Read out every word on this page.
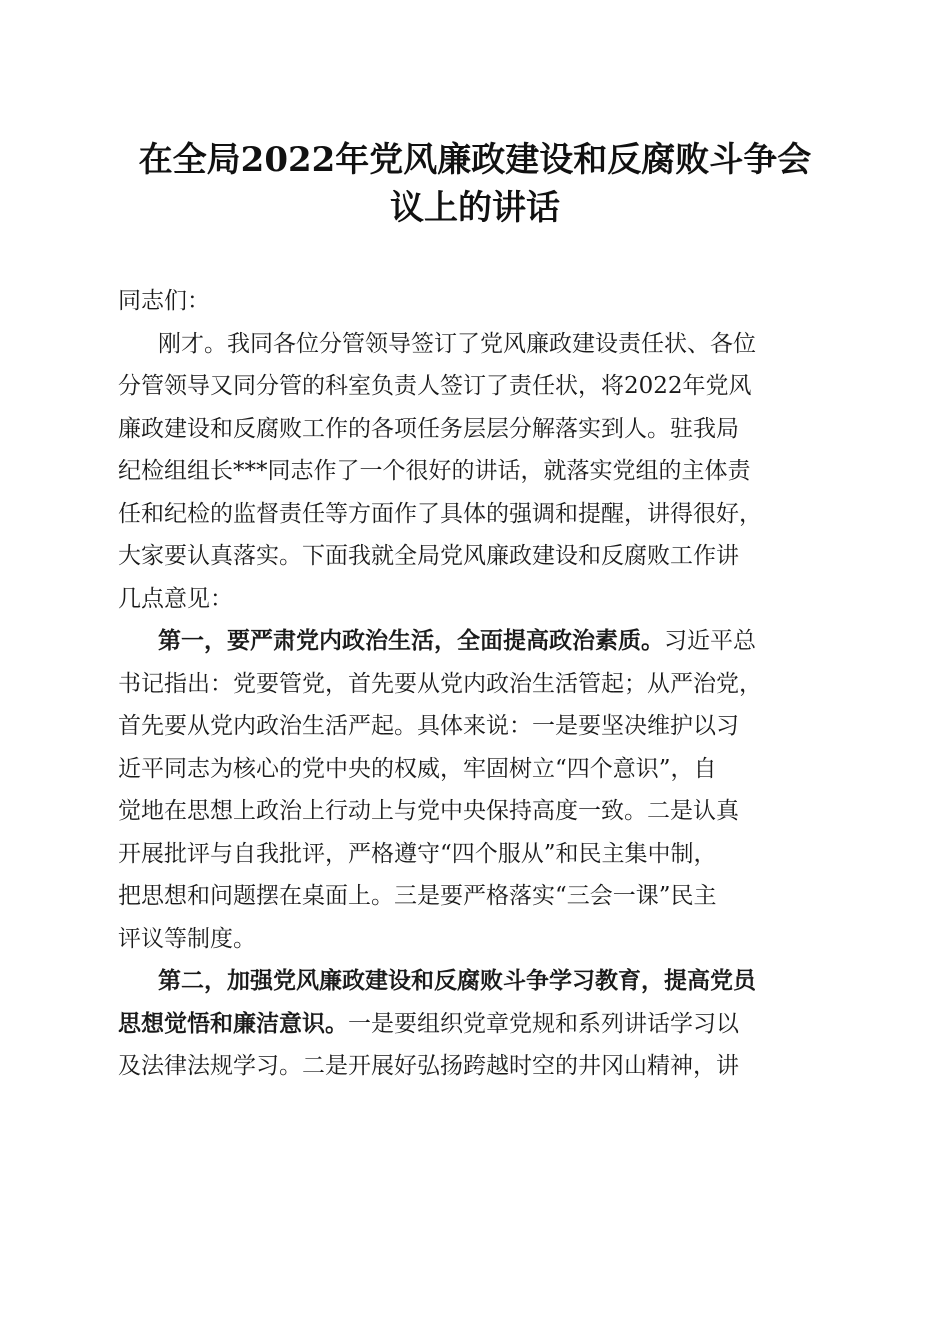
在全局2022年党风廉政建设和反腐败斗争会
议上的讲话
同志们：
刚才。我同各位分管领导签订了党风廉政建设责任状、各位
分管领导又同分管的科室负责人签订了责任状，将2022年党风
廉政建设和反腐败工作的各项任务层层分解落实到人。驻我局
纪检组组长***同志作了一个很好的讲话，就落实党组的主体责
任和纪检的监督责任等方面作了具体的强调和提醒，讲得很好，
大家要认真落实。下面我就全局党风廉政建设和反腐败工作讲
几点意见：
第一，要严肃党内政治生活，全面提高政治素质。习近平总
书记指出：党要管党，首先要从党内政治生活管起；从严治党，
首先要从党内政治生活严起。具体来说：一是要坚决维护以习
近平同志为核心的党中央的权威，牢固树立“四个意识”，自
觉地在思想上政治上行动上与党中央保持高度一致。二是认真
开展批评与自我批评，严格遵守“四个服从”和民主集中制，
把思想和问题摆在桌面上。三是要严格落实“三会一课”民主
评议等制度。
第二，加强党风廉政建设和反腐败斗争学习教育，提高党员
思想觉悟和廉洁意识。一是要组织党章党规和系列讲话学习以
及法律法规学习。二是开展好弘扬跨越时空的井冈山精神，讲
